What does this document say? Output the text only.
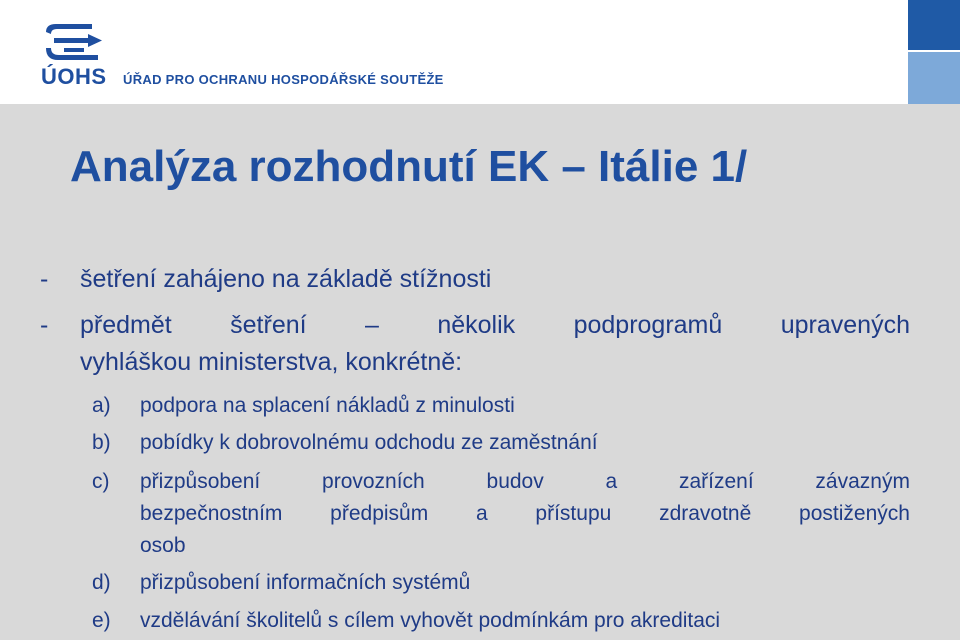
ÚOHS ÚŘAD PRO OCHRANU HOSPODÁŘSKÉ SOUTĚŽE
Analýza rozhodnutí EK – Itálie 1/
- šetření zahájeno na základě stížnosti
- předmět šetření – několik podprogramů upravených
vyhláškou ministerstva, konkrétně:
a) podpora na splacení nákladů z minulosti
b) pobídky k dobrovolnému odchodu ze zaměstnání
c) přizpůsobení	provozních	budov	a	zařízení	závazným
bezpečnostním předpisům a přístupu zdravotně postižených
osob
d) přizpůsobení informačních systémů
e) vzdělávání školitelů s cílem vyhovět podmínkám pro akreditaci
